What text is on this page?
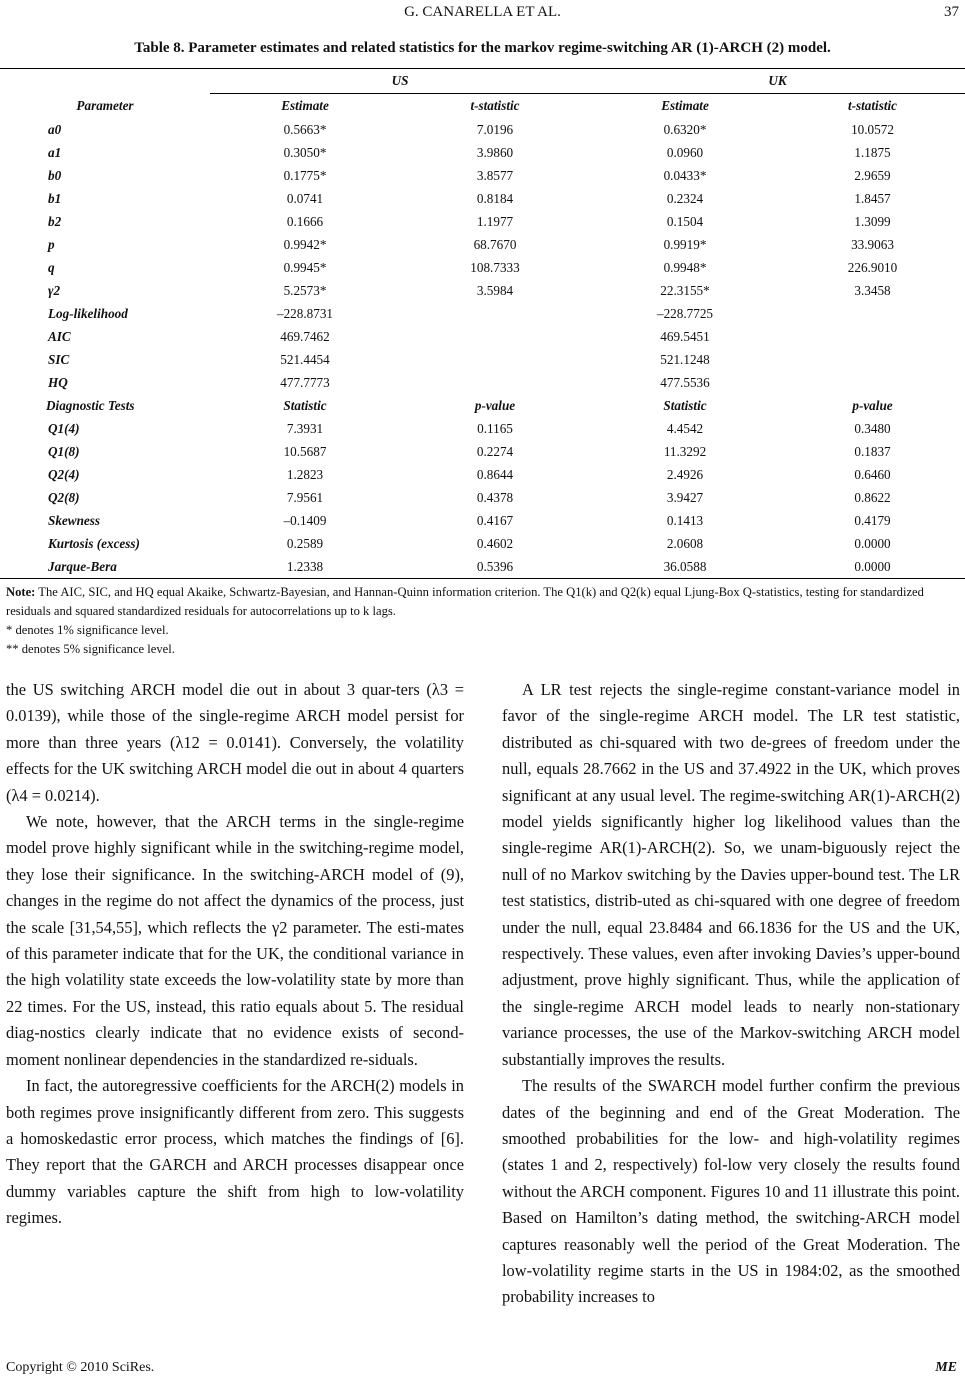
G. CANARELLA ET AL.	37
Table 8. Parameter estimates and related statistics for the markov regime-switching AR (1)-ARCH (2) model.
	US		UK	
Parameter	Estimate	t-statistic	Estimate	t-statistic
a0	0.5663*	7.0196	0.6320*	10.0572
a1	0.3050*	3.9860	0.0960	1.1875
b0	0.1775*	3.8577	0.0433*	2.9659
b1	0.0741	0.8184	0.2324	1.8457
b2	0.1666	1.1977	0.1504	1.3099
p	0.9942*	68.7670	0.9919*	33.9063
q	0.9945*	108.7333	0.9948*	226.9010
γ2	5.2573*	3.5984	22.3155*	3.3458
Log-likelihood	–228.8731		–228.7725	
AIC	469.7462		469.5451	
SIC	521.4454		521.1248	
HQ	477.7773		477.5536	
Diagnostic Tests	Statistic	p-value	Statistic	p-value
Q1(4)	7.3931	0.1165	4.4542	0.3480
Q1(8)	10.5687	0.2274	11.3292	0.1837
Q2(4)	1.2823	0.8644	2.4926	0.6460
Q2(8)	7.9561	0.4378	3.9427	0.8622
Skewness	–0.1409	0.4167	0.1413	0.4179
Kurtosis (excess)	0.2589	0.4602	2.0608	0.0000
Jarque-Bera	1.2338	0.5396	36.0588	0.0000
Note: The AIC, SIC, and HQ equal Akaike, Schwartz-Bayesian, and Hannan-Quinn information criterion. The Q1(k) and Q2(k) equal Ljung-Box Q-statistics, testing for standardized residuals and squared standardized residuals for autocorrelations up to k lags.
* denotes 1% significance level.
** denotes 5% significance level.

the US switching ARCH model die out in about 3 quar-ters (λ3 = 0.0139), while those of the single-regime ARCH model persist for more than three years (λ12 = 0.0141). Conversely, the volatility effects for the UK switching ARCH model die out in about 4 quarters (λ4 = 0.0214).

We note, however, that the ARCH terms in the single-regime model prove highly significant while in the switching-regime model, they lose their significance. In the switching-ARCH model of (9), changes in the regime do not affect the dynamics of the process, just the scale [31,54,55], which reflects the γ2 parameter. The esti-mates of this parameter indicate that for the UK, the conditional variance in the high volatility state exceeds the low-volatility state by more than 22 times. For the US, instead, this ratio equals about 5. The residual diag-nostics clearly indicate that no evidence exists of second-moment nonlinear dependencies in the standardized re-siduals.

In fact, the autoregressive coefficients for the ARCH(2) models in both regimes prove insignificantly different from zero. This suggests a homoskedastic error process, which matches the findings of [6]. They report that the GARCH and ARCH processes disappear once dummy variables capture the shift from high to low-volatility regimes.

A LR test rejects the single-regime constant-variance model in favor of the single-regime ARCH model. The LR test statistic, distributed as chi-squared with two de-grees of freedom under the null, equals 28.7662 in the US and 37.4922 in the UK, which proves significant at any usual level. The regime-switching AR(1)-ARCH(2) model yields significantly higher log likelihood values than the single-regime AR(1)-ARCH(2). So, we unam-biguously reject the null of no Markov switching by the Davies upper-bound test. The LR test statistics, distrib-uted as chi-squared with one degree of freedom under the null, equal 23.8484 and 66.1836 for the US and the UK, respectively. These values, even after invoking Davies’s upper-bound adjustment, prove highly significant. Thus, while the application of the single-regime ARCH model leads to nearly non-stationary variance processes, the use of the Markov-switching ARCH model substantially improves the results.

The results of the SWARCH model further confirm the previous dates of the beginning and end of the Great Moderation. The smoothed probabilities for the low- and high-volatility regimes (states 1 and 2, respectively) fol-low very closely the results found without the ARCH component. Figures 10 and 11 illustrate this point. Based on Hamilton’s dating method, the switching-ARCH model captures reasonably well the period of the Great Moderation. The low-volatility regime starts in the US in 1984:02, as the smoothed probability increases to

Copyright © 2010 SciRes.	ME
